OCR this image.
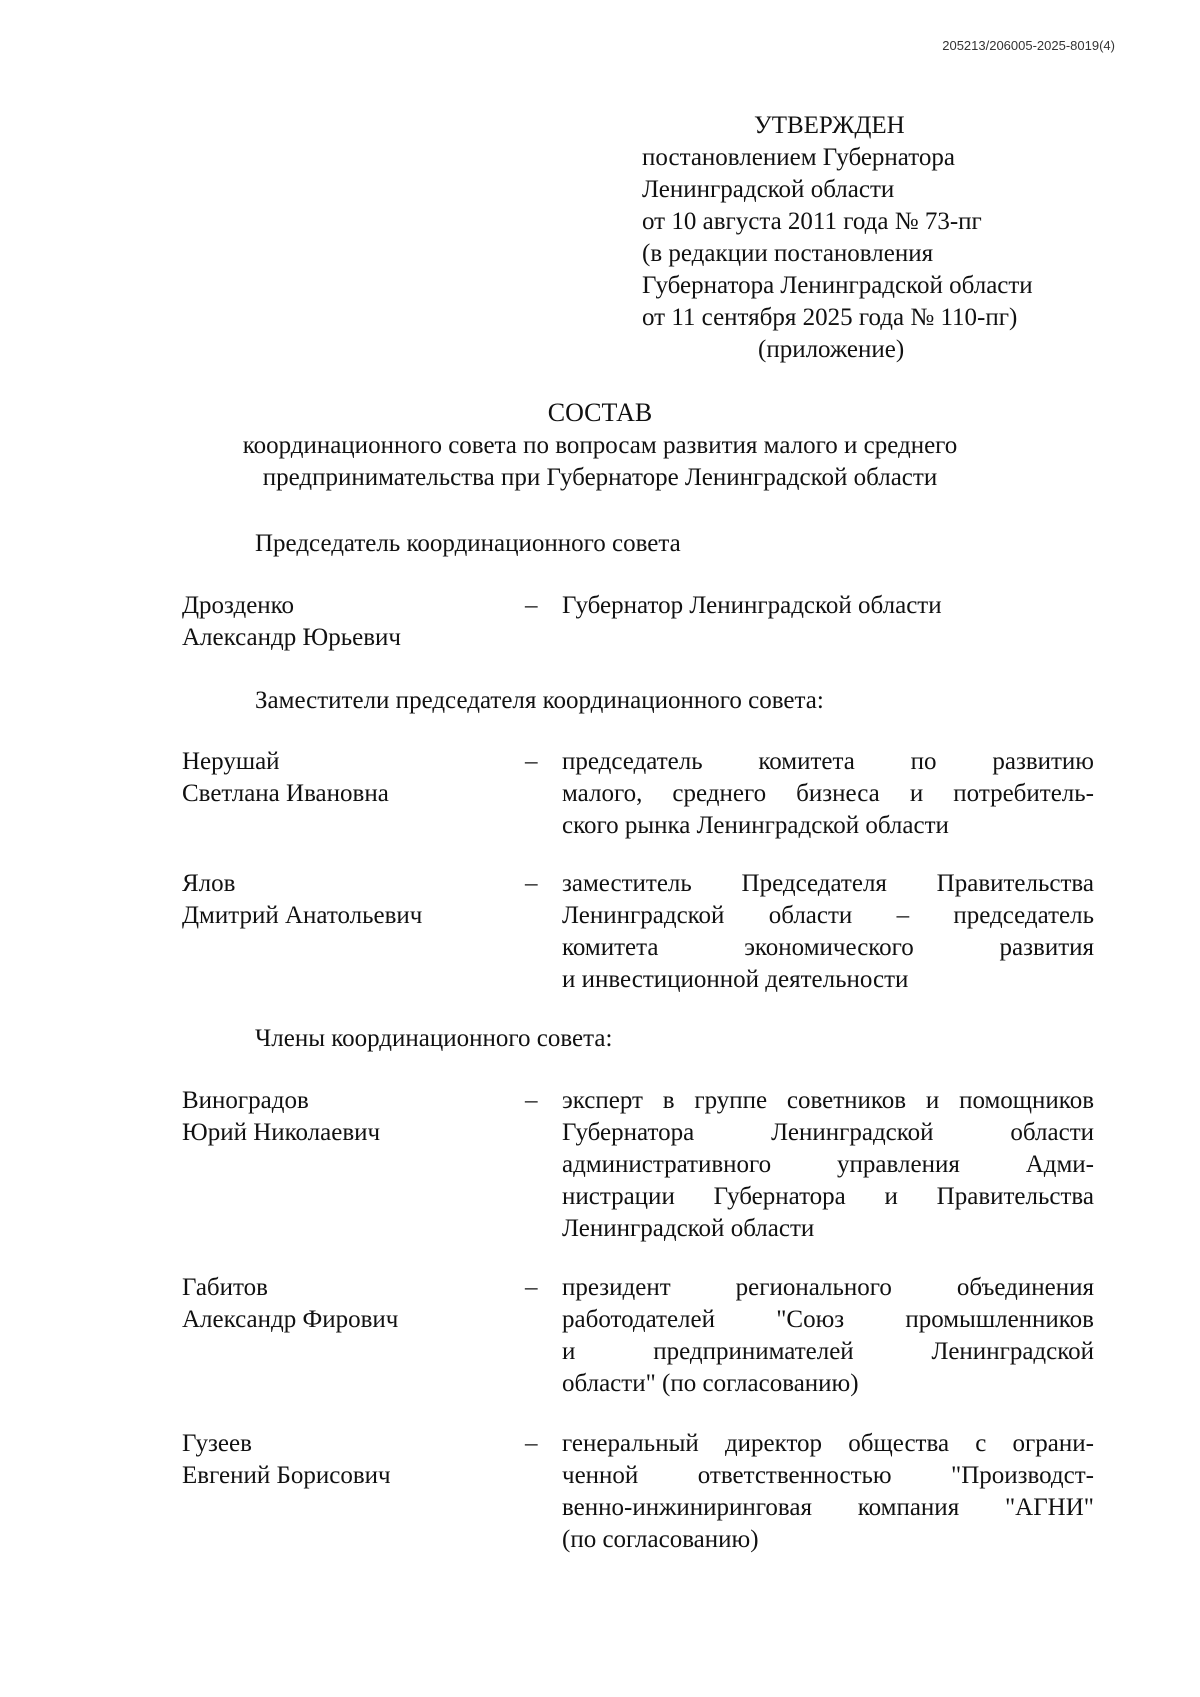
205213/206005-2025-8019(4)
УТВЕРЖДЕН
постановлением Губернатора
Ленинградской области
от 10 августа 2011 года № 73-пг
(в редакции постановления
Губернатора Ленинградской области
от 11 сентября 2025 года № 110-пг)
(приложение)
СОСТАВ
координационного совета по вопросам развития малого и среднего
предпринимательства при Губернаторе Ленинградской области
Председатель координационного совета
Дрозденко
Александр Юрьевич
– Губернатор Ленинградской области
Заместители председателя координационного совета:
Нерушай
Светлана Ивановна
– председатель комитета по развитию
малого, среднего бизнеса и потребитель-
ского рынка Ленинградской области
Ялов
Дмитрий Анатольевич
– заместитель Председателя Правительства
Ленинградской области – председатель
комитета экономического развития
и инвестиционной деятельности
Члены координационного совета:
Виноградов
Юрий Николаевич
– эксперт в группе советников и помощников
Губернатора Ленинградской области
административного управления Адми-
нистрации Губернатора и Правительства
Ленинградской области
Габитов
Александр Фирович
– президент регионального объединения
работодателей "Союз промышленников
и предпринимателей Ленинградской
области" (по согласованию)
Гузеев
Евгений Борисович
– генеральный директор общества с ограни-
ченной ответственностью "Производст-
венно-инжиниринговая компания "АГНИ"
(по согласованию)
